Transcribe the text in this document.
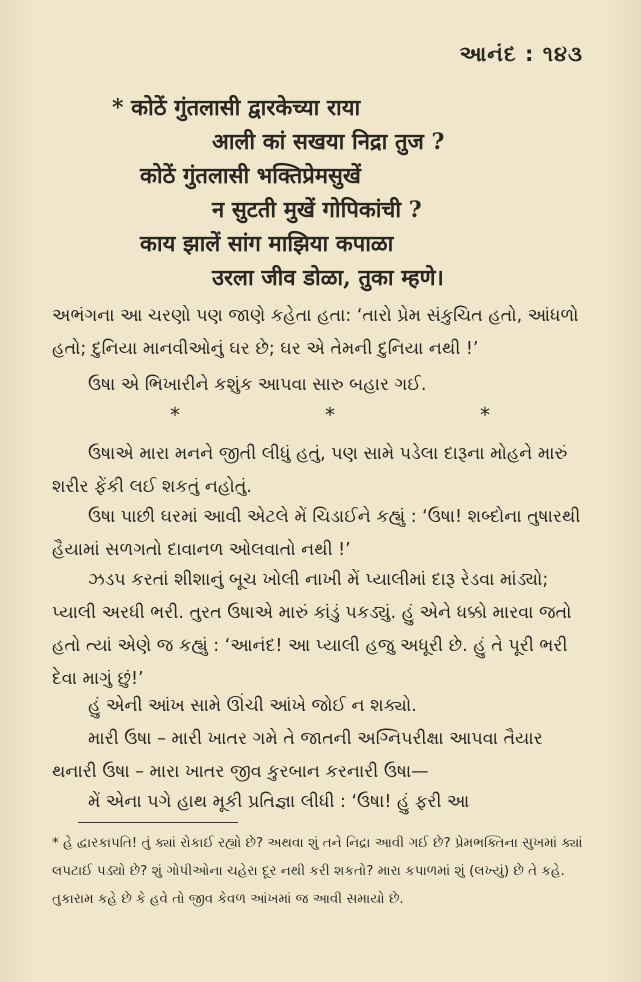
આનંદ : ૧૪૩
* कोठें गुंतलासी द्वारकेच्या राया
आली कां सखया निद्रा तुज ?
कोठें गुंतलासी भक्तिप्रेमसुखें
न सुटती मुखें गोपिकांची ?
काय झालें सांग माझिया कपाळा
उरला जीव डोळा, तुका म्हणे।
અભંગના આ ચરણો પણ જાણે કહેતા હતા: ‘તારો પ્રેમ સંકુચિત હતો, આંધળો હતો; દુનિયા માનવીઓનું ઘર છે; ઘર એ તેમની દુનિયા નથી !’
ઉષા એ ભિખારીને કશુંક આપવા સારુ બહાર ગઈ.
*	*	*
ઉષાએ મારા મનને જીતી લીધું હતું, પણ સામે પડેલા દારૂના મોહને મારું શરીર ફેંકી લઈ શકતું નહોતું.
ઉષા પાછી ઘરમાં આવી એટલે મેં ચિડાઈને કહ્યું : ‘ઉષા! શબ્દોના તુષારથી હૈયામાં સળગતો દાવાનળ ઓલવાતો નથી !’
ઝડપ કરતાં શીશાનું બૂચ ખોલી નાખી મેં પ્યાલીમાં દારૂ રેડવા માંડ્યો; પ્યાલી અરધી ભરી. તુરત ઉષાએ મારું કાંડું પકડ્યું. હું એને ધક્કો મારવા જતો હતો ત્યાં એણે જ કહ્યું : ‘આનંદ! આ પ્યાલી હજુ અધૂરી છે. હું તે પૂરી ભરી દેવા માગું છું!’
હું એની આંખ સામે ઊંચી આંખે જોઈ ન શક્યો.
મારી ઉષા – મારી ખાતર ગમે તે જાતની અગ્નિપરીક્ષા આપવા તૈયાર થનારી ઉષા – મારા ખાતર જીવ કુરબાન કરનારી ઉષા—
મેં એના પગે હાથ મૂકી પ્રતિજ્ઞા લીધી : ‘ઉષા! હું ફરી આ
* હે દ્વારકાપતિ! તું ક્યાં રોકાઈ રહ્યો છે? અથવા શું તને નિદ્રા આવી ગઈ છે? પ્રેમભક્તિના સુખમાં ક્યાં લપટાઈ પડ્યો છે? શું ગોપીઓના ચહેરા દૂર નથી કરી શકતો? મારા કપાળમાં શું (લખ્યું) છે તે કહે. તુકારામ કહે છે કે હવે તો જીવ કેવળ આંખમાં જ આવી સમાયો છે.
